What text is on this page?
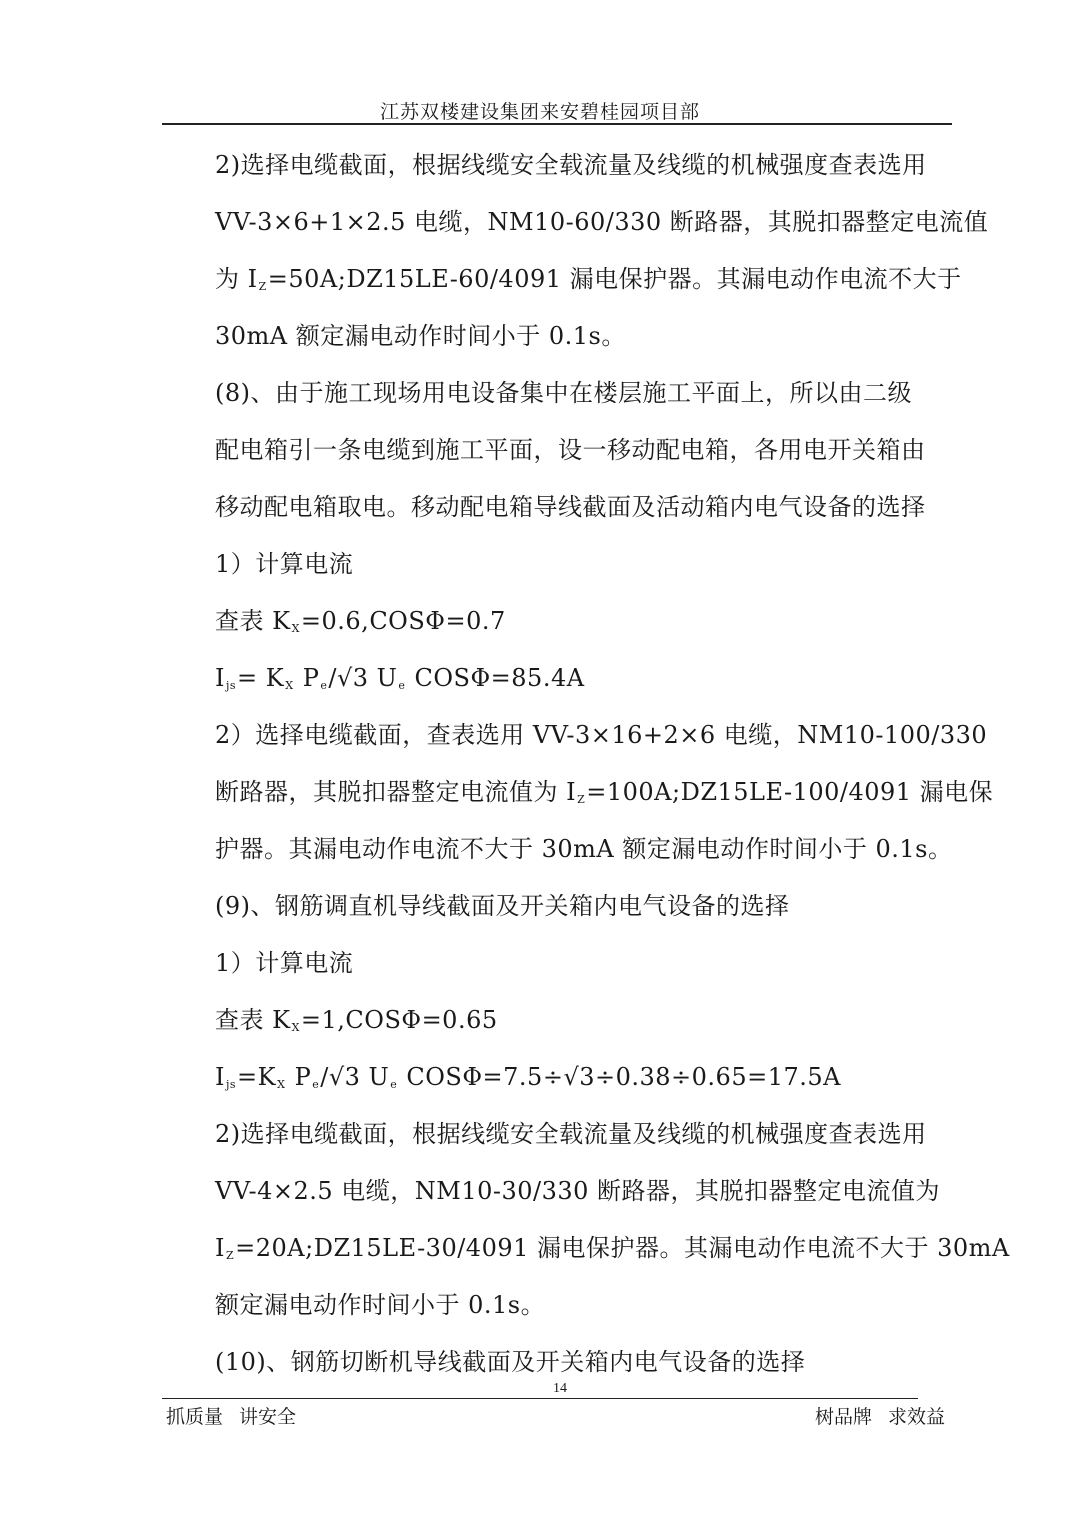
江苏双楼建设集团来安碧桂园项目部
2)选择电缆截面，根据线缆安全载流量及线缆的机械强度查表选用
VV-3×6+1×2.5 电缆，NM10-60/330 断路器，其脱扣器整定电流值
为 $I_Z=50A;DZ15LE-60/4091$ 漏电保护器。其漏电动作电流不大于
30mA 额定漏电动作时间小于 0.1s。
(8)、由于施工现场用电设备集中在楼层施工平面上，所以由二级
配电箱引一条电缆到施工平面，设一移动配电箱，各用电开关箱由
移动配电箱取电。移动配电箱导线截面及活动箱内电气设备的选择
1）计算电流
查表 $K_X=0.6,COS\Phi=0.7$
$I_{js}= K_X$ $P_e/√3$ $U_e$ COSΦ=85.4A
2）选择电缆截面，查表选用 VV-3×16+2×6 电缆，NM10-100/330
断路器，其脱扣器整定电流值为 $I_Z=100A;DZ15LE-100/4091$ 漏电保
护器。其漏电动作电流不大于 30mA 额定漏电动作时间小于 0.1s。
(9)、钢筋调直机导线截面及开关箱内电气设备的选择
1）计算电流
查表 $K_X=1,COS\Phi=0.65$
$I_{js}=K_X$ $P_e/√3$ $U_e$ COSΦ=7.5÷√3÷0.38÷0.65=17.5A
2)选择电缆截面，根据线缆安全载流量及线缆的机械强度查表选用
VV-4×2.5 电缆，NM10-30/330 断路器，其脱扣器整定电流值为
$I_Z=20A;DZ15LE-30/4091$ 漏电保护器。其漏电动作电流不大于 30mA
额定漏电动作时间小于 0.1s。
(10)、钢筋切断机导线截面及开关箱内电气设备的选择
14
抓质量 讲安全	树品牌 求效益
